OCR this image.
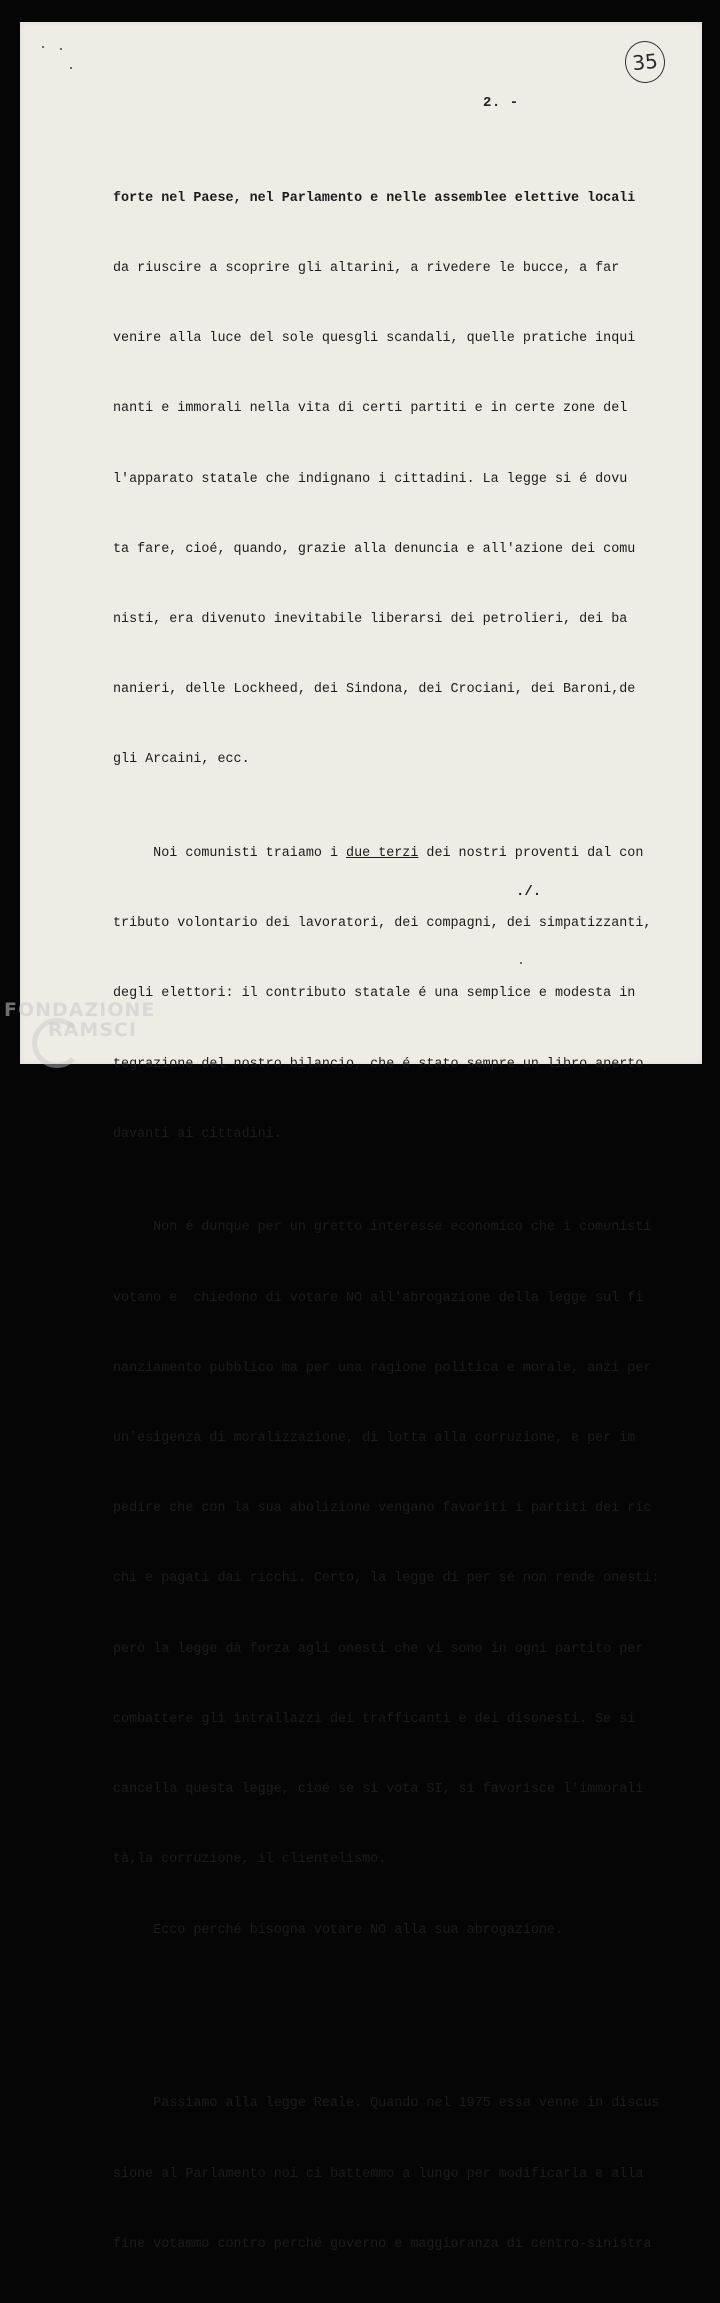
35
2. -

forte nel Paese, nel Parlamento e nelle assemblee elettive locali

da riuscire a scoprire gli altarini, a rivedere le bucce, a far

venire alla luce del sole quesgli scandali, quelle pratiche inqui

nanti e immorali nella vita di certi partiti e in certe zone del

l'apparato statale che indignano i cittadini. La legge si é dovu

ta fare, cioé, quando, grazie alla denuncia e all'azione dei comu

nisti, era divenuto inevitabile liberarsi dei petrolieri, dei ba

nanieri, delle Lockheed, dei Sindona, dei Crociani, dei Baroni,de

gli Arcaini, ecc.

Noi comunisti traiamo i due terzi dei nostri proventi dal con

tributo volontario dei lavoratori, dei compagni, dei simpatizzanti,

degli elettori: il contributo statale é una semplice e modesta in

tegrazione del nostro bilancio, che é stato sempre un libro aperto

davanti ai cittadini.

Non é dunque per un gretto interesse economico che i comunisti

votano e  chiedono di votare NO all'abrogazione della legge sul fi

nanziamento pubblico ma per una ragione politica e morale, anzi per

un'esigenza di moralizzazione, di lotta alla corruzione, e per im

pedire che con la sua abolizione vengano favoriti i partiti dei ric

chi e pagati dai ricchi. Certo, la legge di per sé non rende onesti:

però la legge dà forza agli onesti che vi sono in ogni partito per

combattere gli intrallazzi dei trafficanti e dei disonesti. Se si

cancella questa legge, cioé se si vota SI, si favorisce l'immorali

tà,la corruzione, il clientelismo.

Ecco perché bisogna votare NO alla sua abrogazione.

Passiamo alla legge Reale. Quando nel 1975 essa venne in discus

sione al Parlamento noi ci battemmo a lungo per modificarla e alla

fine votammo contro perché governo e maggioranza di centro-sinistra

./.
FONDAZIONE
RAMSCI
